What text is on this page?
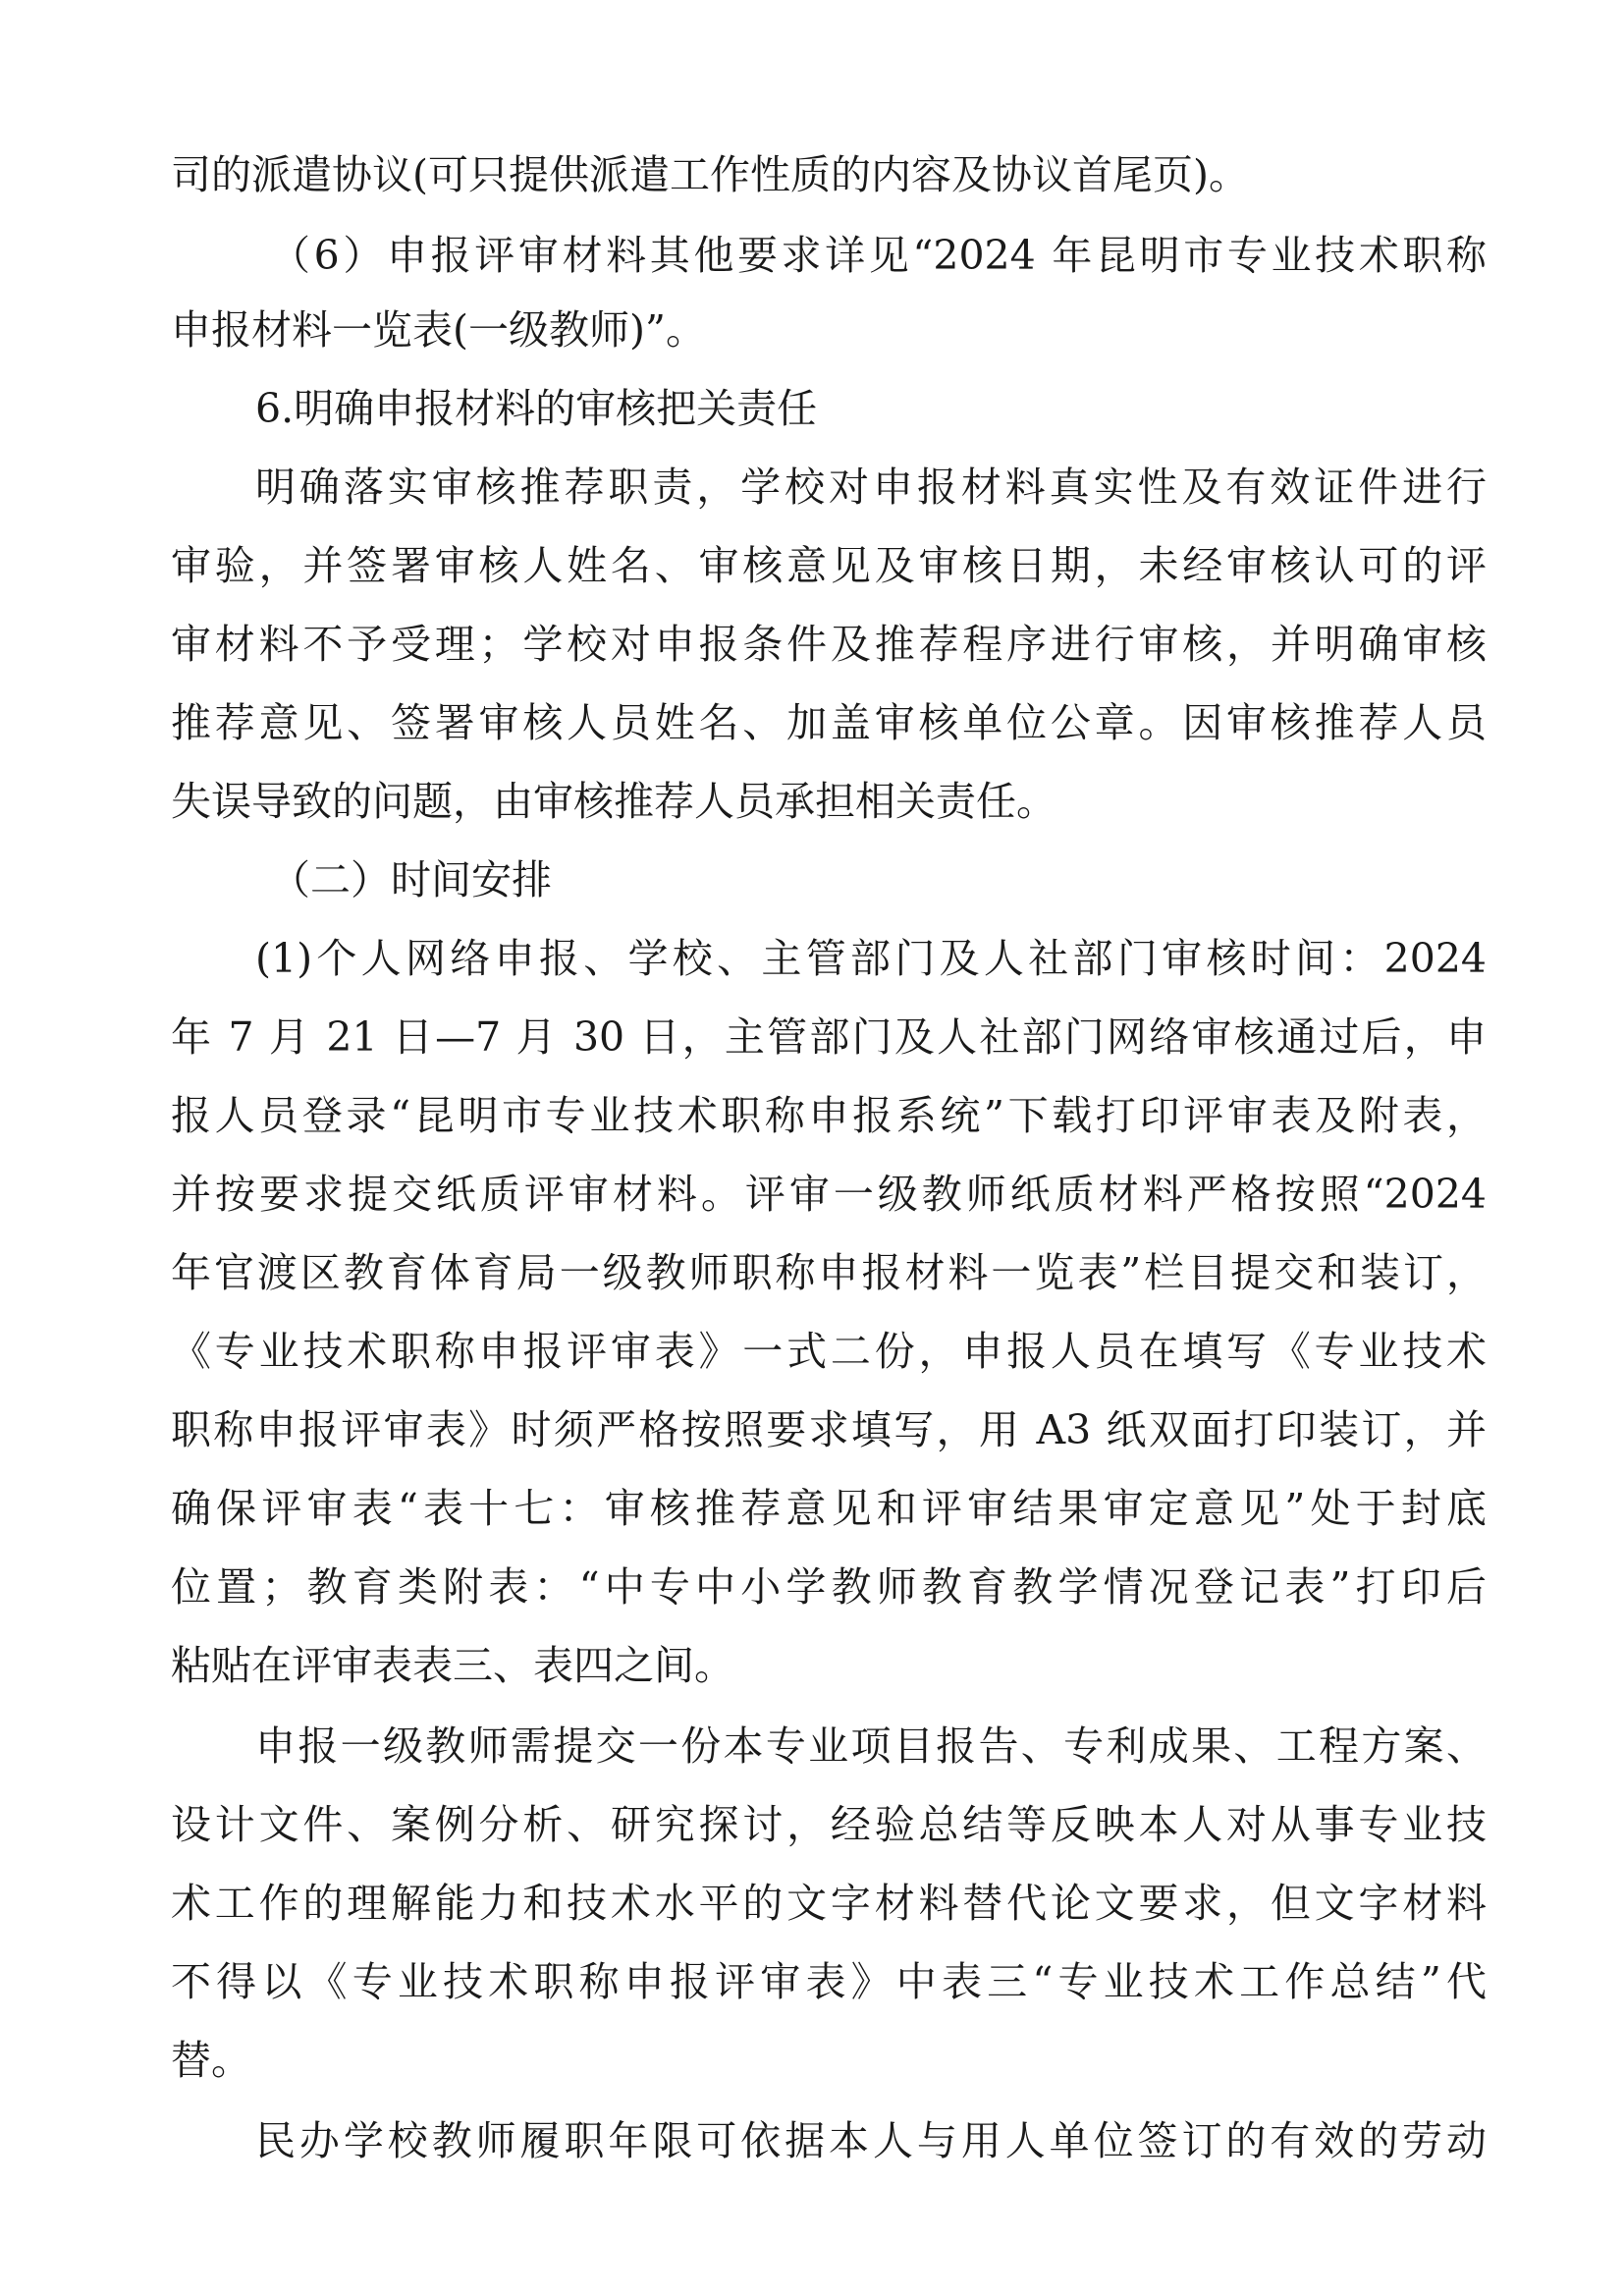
司的派遣协议(可只提供派遣工作性质的内容及协议首尾页)。
（6）申报评审材料其他要求详见“2024 年昆明市专业技术职称
申报材料一览表(一级教师)”。
6.明确申报材料的审核把关责任
明确落实审核推荐职责，学校对申报材料真实性及有效证件进行
审验，并签署审核人姓名、审核意见及审核日期，未经审核认可的评
审材料不予受理；学校对申报条件及推荐程序进行审核，并明确审核
推荐意见、签署审核人员姓名、加盖审核单位公章。因审核推荐人员
失误导致的问题，由审核推荐人员承担相关责任。
（二）时间安排
(1)个人网络申报、学校、主管部门及人社部门审核时间：2024
年 7 月 21 日—7 月 30 日，主管部门及人社部门网络审核通过后，申
报人员登录“昆明市专业技术职称申报系统”下载打印评审表及附表，
并按要求提交纸质评审材料。评审一级教师纸质材料严格按照“2024
年官渡区教育体育局一级教师职称申报材料一览表”栏目提交和装订，
《专业技术职称申报评审表》一式二份，申报人员在填写《专业技术
职称申报评审表》时须严格按照要求填写，用 A3 纸双面打印装订，并
确保评审表“表十七：审核推荐意见和评审结果审定意见”处于封底
位置；教育类附表：“中专中小学教师教育教学情况登记表”打印后
粘贴在评审表表三、表四之间。
申报一级教师需提交一份本专业项目报告、专利成果、工程方案、
设计文件、案例分析、研究探讨，经验总结等反映本人对从事专业技
术工作的理解能力和技术水平的文字材料替代论文要求，但文字材料
不得以《专业技术职称申报评审表》中表三“专业技术工作总结”代
替。
民办学校教师履职年限可依据本人与用人单位签订的有效的劳动
